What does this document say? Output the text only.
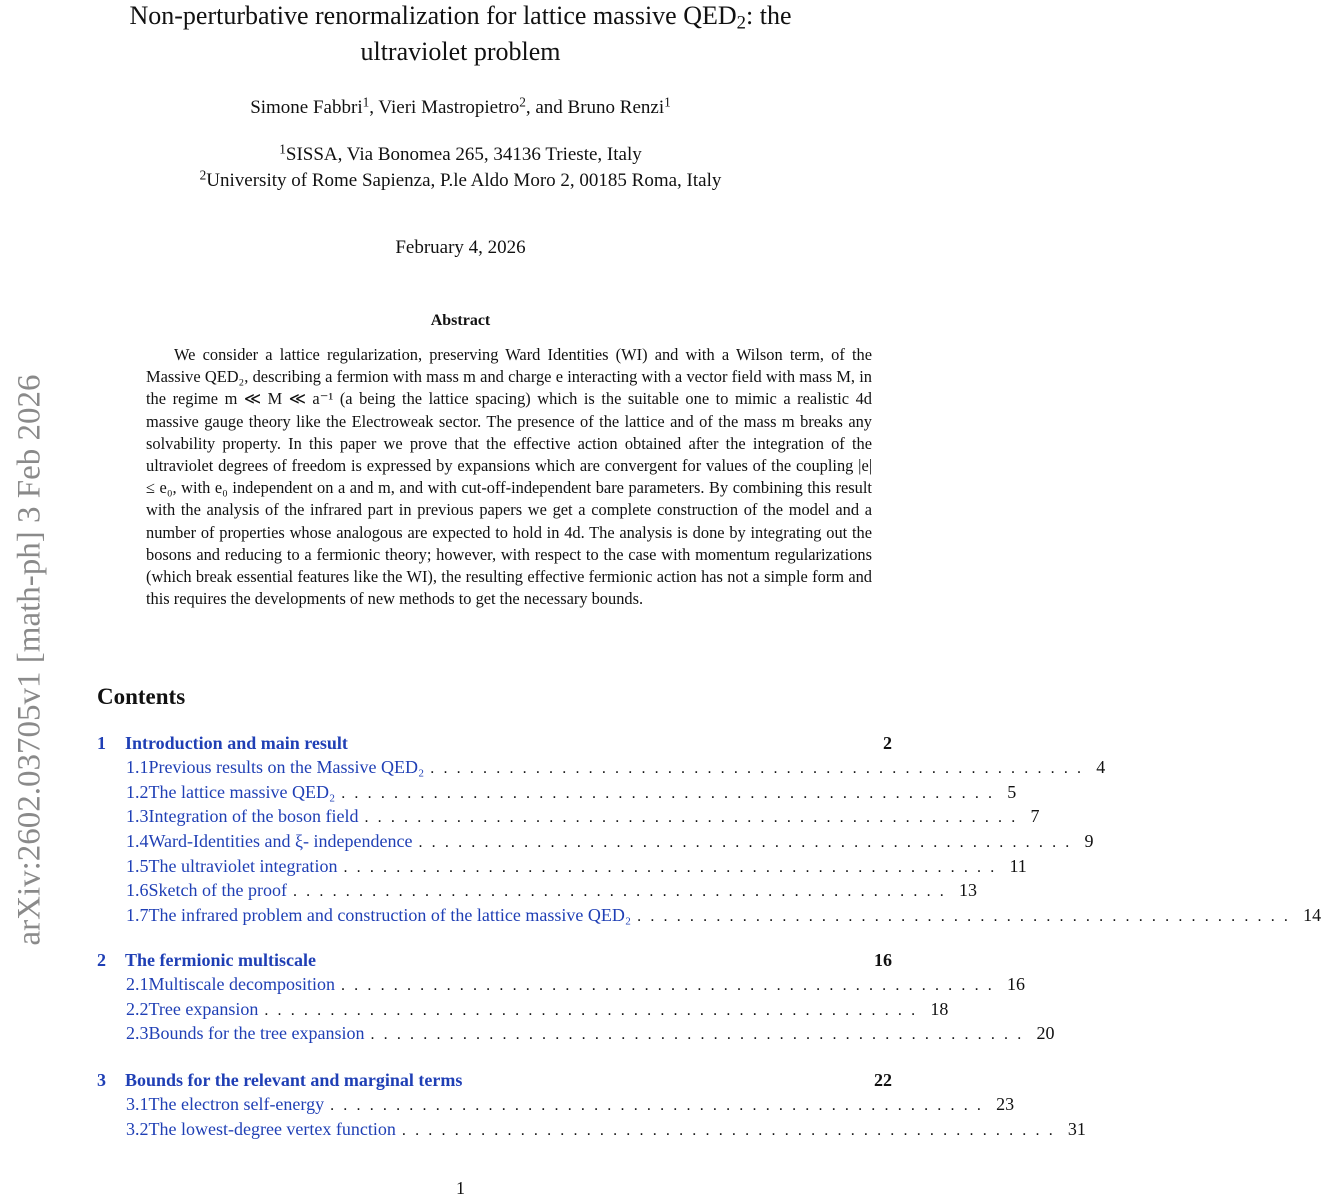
arXiv:2602.03705v1 [math-ph] 3 Feb 2026
Non-perturbative renormalization for lattice massive $QED_2$: the
ultraviolet problem
Simone Fabbri$^1$, Vieri Mastropietro$^2$, and Bruno Renzi$^1$
$^1$SISSA, Via Bonomea 265, 34136 Trieste, Italy
$^2$University of Rome Sapienza, P.le Aldo Moro 2, 00185 Roma, Italy
February 4, 2026
Abstract

We consider a lattice regularization, preserving Ward Identities (WI) and with a Wilson term, of the Massive QED₂, describing a fermion with mass m and charge e interacting with a vector field with mass M, in the regime m ≪ M ≪ a⁻¹ (a being the lattice spacing) which is the suitable one to mimic a realistic 4d massive gauge theory like the Electroweak sector. The presence of the lattice and of the mass m breaks any solvability property. In this paper we prove that the effective action obtained after the integration of the ultraviolet degrees of freedom is expressed by expansions which are convergent for values of the coupling |e| ≤ e₀, with e₀ independent on a and m, and with cut-off-independent bare parameters. By combining this result with the analysis of the infrared part in previous papers we get a complete construction of the model and a number of properties whose analogous are expected to hold in 4d. The analysis is done by integrating out the bosons and reducing to a fermionic theory; however, with respect to the case with momentum regularizations (which break essential features like the WI), the resulting effective fermionic action has not a simple form and this requires the developments of new methods to get the necessary bounds.

Contents
1	Introduction and main result	2
1.1 Previous results on the Massive QED₂ .................................................. 4
1.2 The lattice massive QED₂ .................................................. 5
1.3 Integration of the boson field .................................................. 7
1.4 Ward-Identities and ξ- independence .................................................. 9
1.5 The ultraviolet integration .................................................. 11
1.6 Sketch of the proof .................................................. 13
1.7 The infrared problem and construction of the lattice massive QED₂ .................................................. 14
2	The fermionic multiscale	16
2.1 Multiscale decomposition .................................................. 16
2.2 Tree expansion .................................................. 18
2.3 Bounds for the tree expansion .................................................. 20
3	Bounds for the relevant and marginal terms	22
3.1 The electron self-energy .................................................. 23
3.2 The lowest-degree vertex function .................................................. 31
1
